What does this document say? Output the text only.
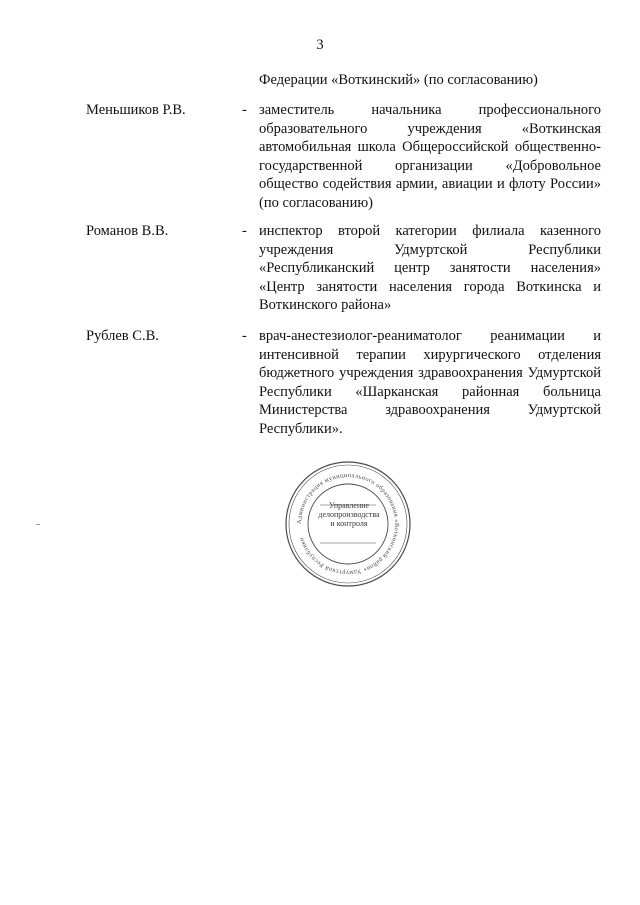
3
Федерации «Воткинский» (по согласованию)
Меньшиков Р.В.	- заместитель начальника профессионального образовательного учреждения «Воткинская автомобильная школа Общероссийской общественно-государственной организации «Добровольное общество содействия армии, авиации и флоту России» (по согласованию)
Романов В.В.	- инспектор второй категории филиала казенного учреждения Удмуртской Республики «Республиканский центр занятости населения» «Центр занятости населения города Воткинска и Воткинского района»
Рублев С.В.	- врач-анестезиолог-реаниматолог реанимации и интенсивной терапии хирургического отделения бюджетного учреждения здравоохранения Удмуртской Республики «Шарканская районная больница Министерства здравоохранения Удмуртской Республики».
Администрация муниципального образования «Воткинский район» Удмуртской Республики
Управление
делопроизводства
и контроля
